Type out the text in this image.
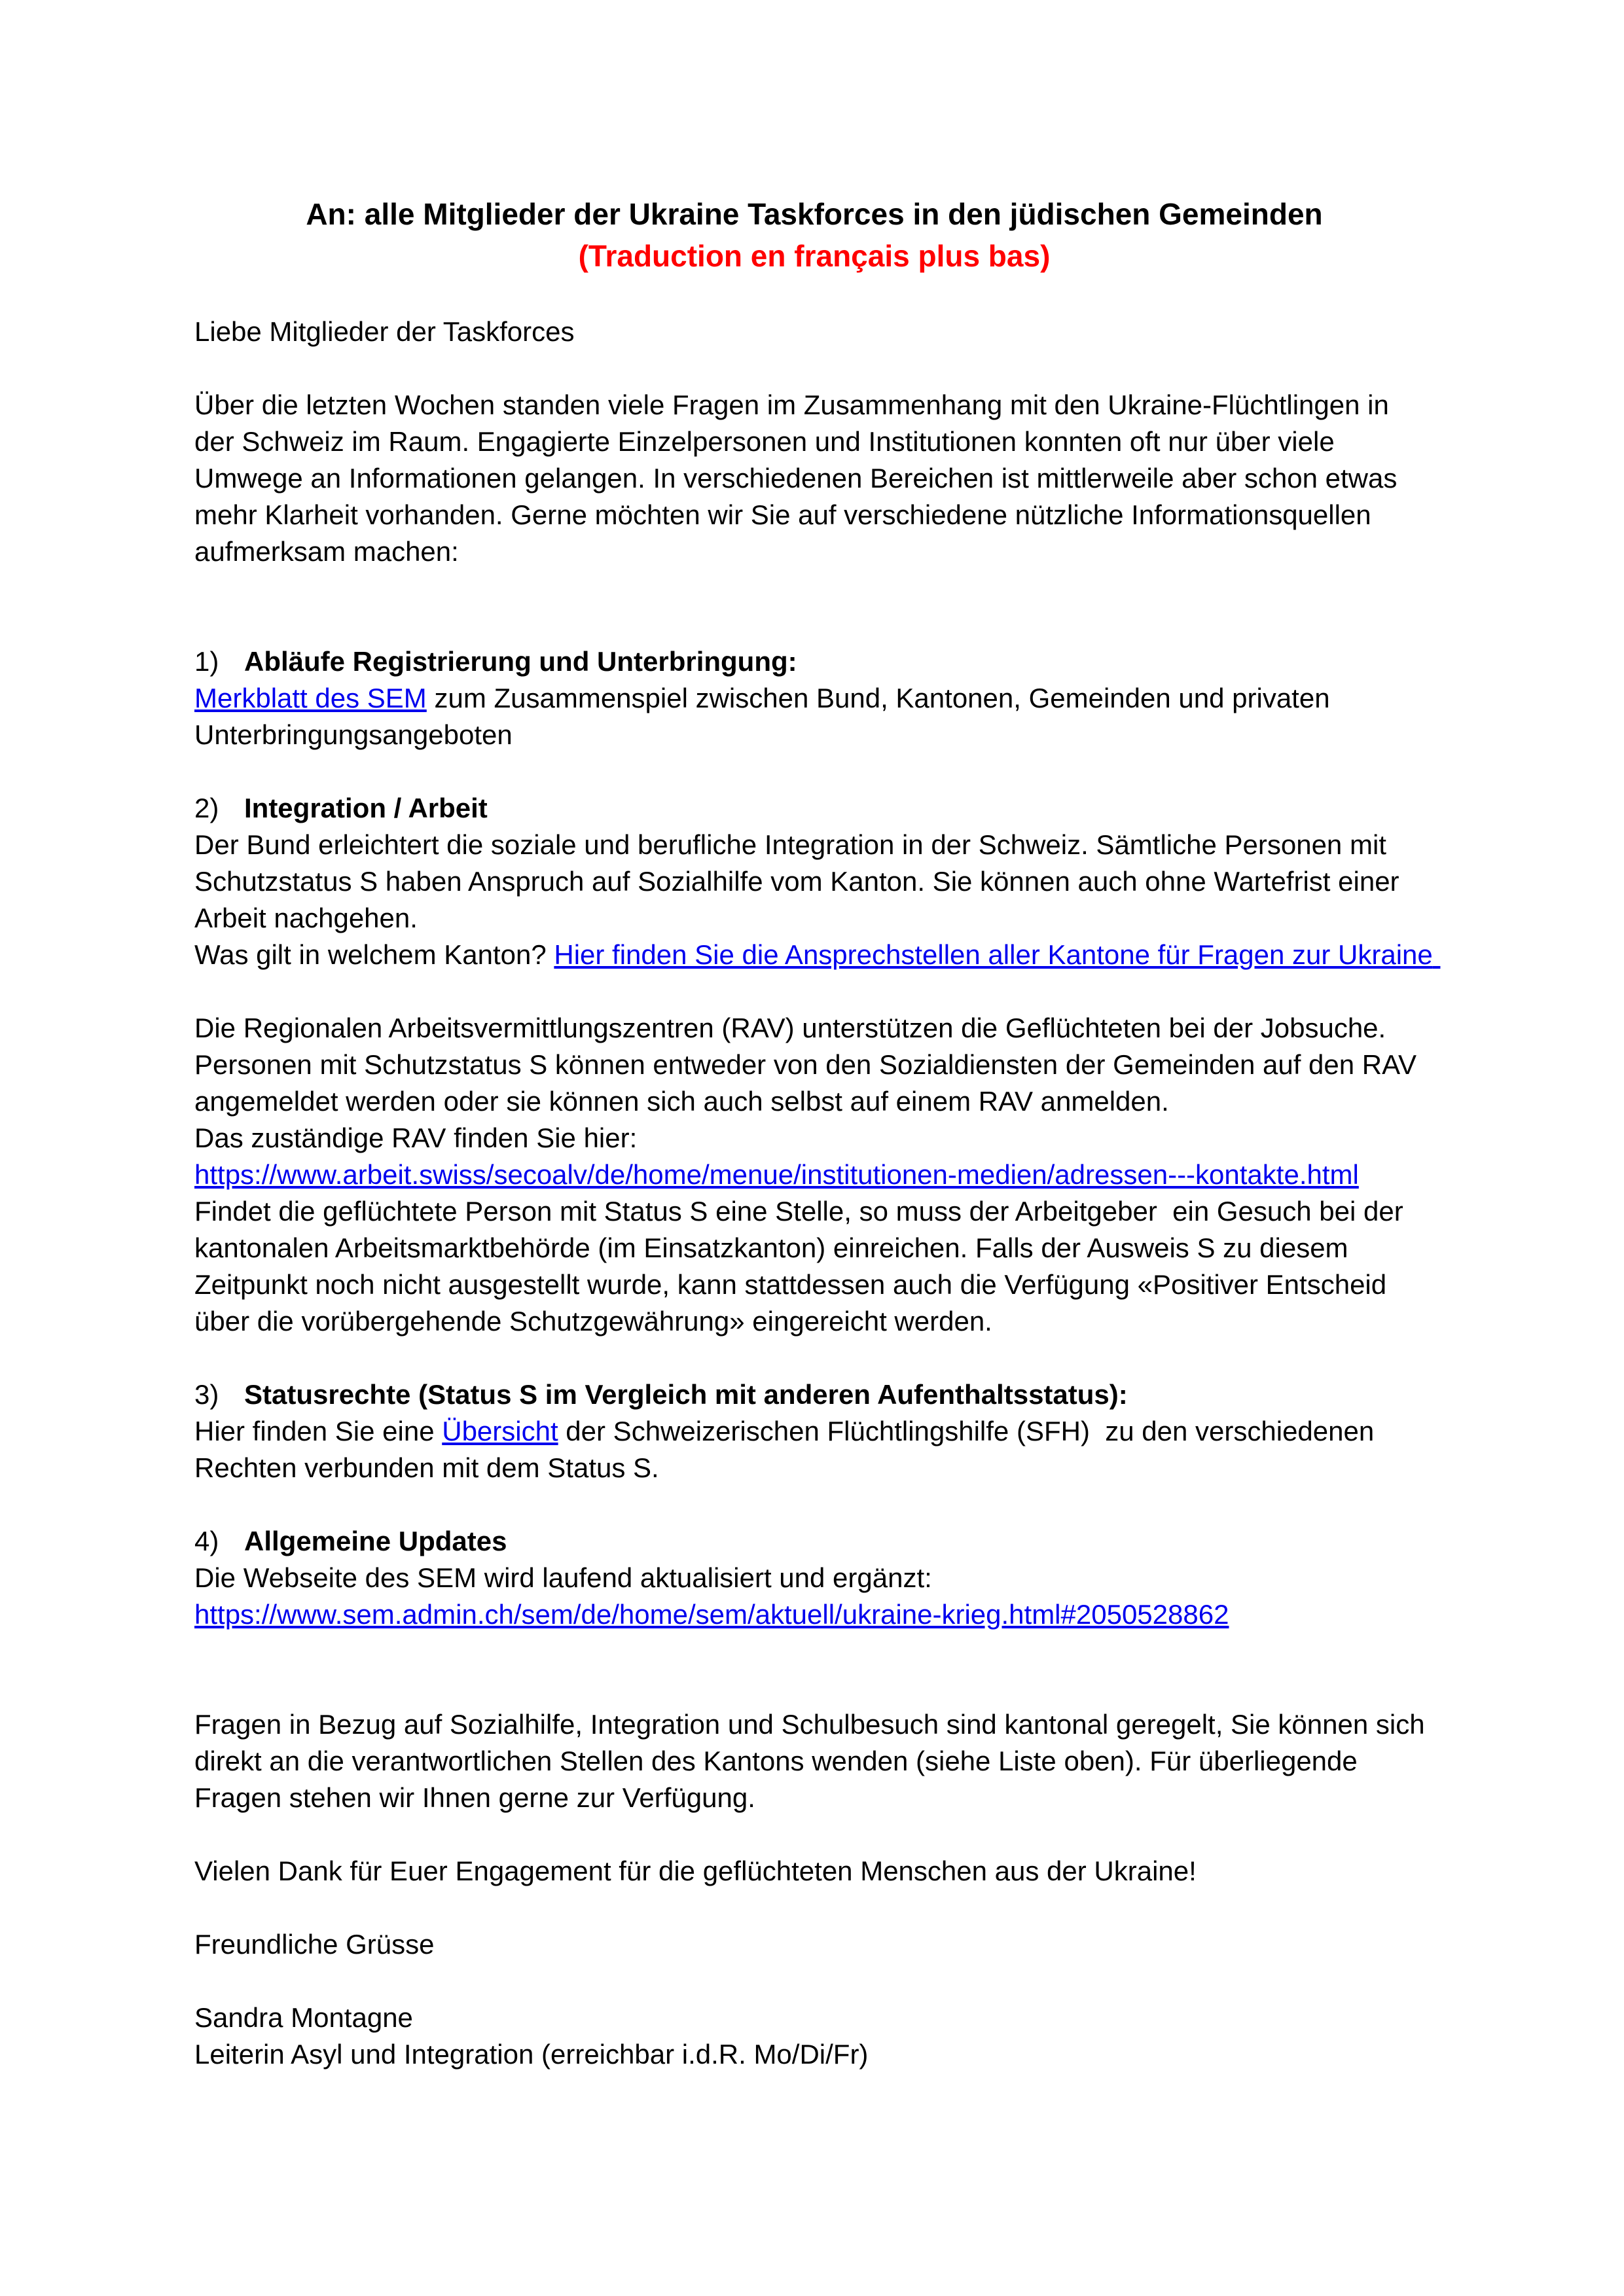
An: alle Mitglieder der Ukraine Taskforces in den jüdischen Gemeinden

(Traduction en français plus bas)

Liebe Mitglieder der Taskforces

Über die letzten Wochen standen viele Fragen im Zusammenhang mit den Ukraine-Flüchtlingen in der Schweiz im Raum. Engagierte Einzelpersonen und Institutionen konnten oft nur über viele Umwege an Informationen gelangen. In verschiedenen Bereichen ist mittlerweile aber schon etwas mehr Klarheit vorhanden. Gerne möchten wir Sie auf verschiedene nützliche Informationsquellen aufmerksam machen:

1) Abläufe Registrierung und Unterbringung:

Merkblatt des SEM zum Zusammenspiel zwischen Bund, Kantonen, Gemeinden und privaten Unterbringungsangeboten

2) Integration / Arbeit

Der Bund erleichtert die soziale und berufliche Integration in der Schweiz. Sämtliche Personen mit Schutzstatus S haben Anspruch auf Sozialhilfe vom Kanton. Sie können auch ohne Wartefrist einer Arbeit nachgehen.

Was gilt in welchem Kanton? Hier finden Sie die Ansprechstellen aller Kantone für Fragen zur Ukraine

Die Regionalen Arbeitsvermittlungszentren (RAV) unterstützen die Geflüchteten bei der Jobsuche. Personen mit Schutzstatus S können entweder von den Sozialdiensten der Gemeinden auf den RAV angemeldet werden oder sie können sich auch selbst auf einem RAV anmelden.

Das zuständige RAV finden Sie hier:

https://www.arbeit.swiss/secoalv/de/home/menue/institutionen-medien/adressen---kontakte.html

Findet die geflüchtete Person mit Status S eine Stelle, so muss der Arbeitgeber  ein Gesuch bei der kantonalen Arbeitsmarktbehörde (im Einsatzkanton) einreichen. Falls der Ausweis S zu diesem Zeitpunkt noch nicht ausgestellt wurde, kann stattdessen auch die Verfügung «Positiver Entscheid über die vorübergehende Schutzgewährung» eingereicht werden.

3) Statusrechte (Status S im Vergleich mit anderen Aufenthaltsstatus):

Hier finden Sie eine Übersicht der Schweizerischen Flüchtlingshilfe (SFH)  zu den verschiedenen Rechten verbunden mit dem Status S.

4) Allgemeine Updates

Die Webseite des SEM wird laufend aktualisiert und ergänzt:

https://www.sem.admin.ch/sem/de/home/sem/aktuell/ukraine-krieg.html#2050528862

Fragen in Bezug auf Sozialhilfe, Integration und Schulbesuch sind kantonal geregelt, Sie können sich direkt an die verantwortlichen Stellen des Kantons wenden (siehe Liste oben). Für überliegende Fragen stehen wir Ihnen gerne zur Verfügung.

Vielen Dank für Euer Engagement für die geflüchteten Menschen aus der Ukraine!

Freundliche Grüsse

Sandra Montagne

Leiterin Asyl und Integration (erreichbar i.d.R. Mo/Di/Fr)
